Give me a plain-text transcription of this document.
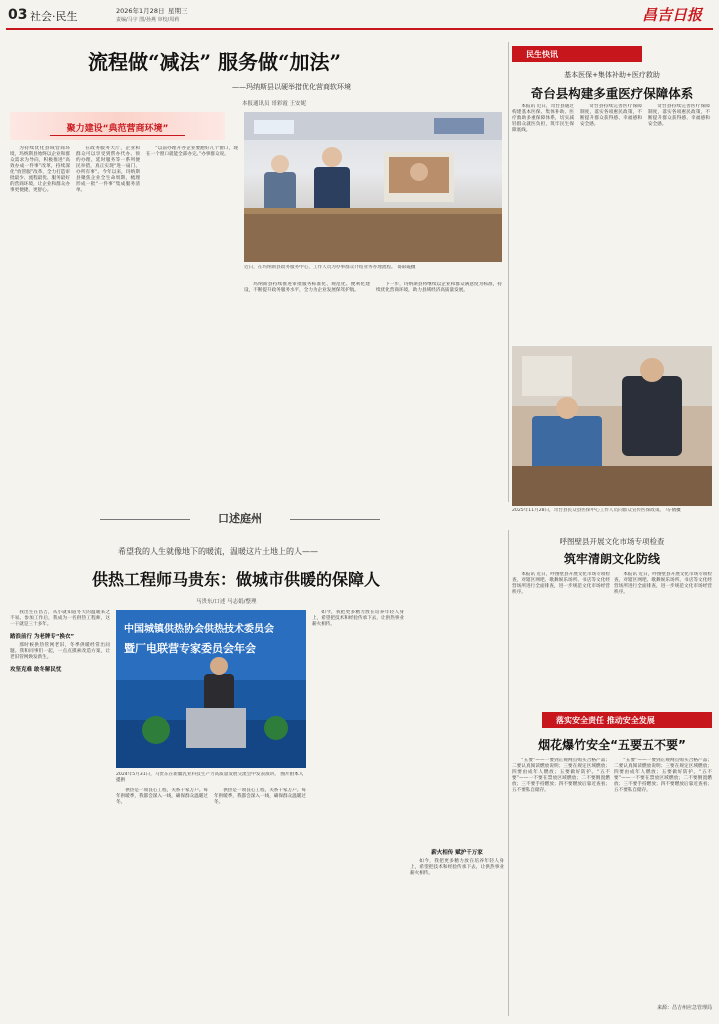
03 社会·民生	2026年1月28日 星期三
责编/马宇 图/孙燕 审校/周莉	昌吉日报
流程做“减法” 服务做“加法”
——玛纳斯县以硬举措优化营商软环境
本报通讯员 哥彩霞 王安妮
聚力建设“典范营商环境”

为持续优化县域营商环境，玛纳斯县始终以企业和群众需求为导向，积极推进“高效办成一件事”改革，持续深化“放管服”改革，全力打造审批最少、流程最优、服务最好的营商环境，让企业和群众办事更便捷、更舒心。

在政务服务大厅，企业和群众可以享受到帮办代办、预约办理、延时服务等一系列便民举措，真正实现“进一扇门、办所有事”。今年以来，玛纳斯县聚焦企业全生命周期，梳理形成一批“一件事”集成服务清单。

“以前办理开办企业要跑好几个窗口，现在一个窗口就能全部办完。”办事群众说。

近日，在玛纳斯县政务服务中心，工作人员为办事群众介绍业务办理流程。 哥彩霞摄

玛纳斯县持续推进审批服务标准化、规范化、便利化建设，不断提升政务服务水平，全力为企业发展保驾护航。

下一步，玛纳斯县将继续以企业和群众满意度为标准，持续优化营商环境，助力县域经济高质量发展。

民生快讯
基本医保+集体补助+医疗救助
奇台县构建多重医疗保障体系

本报讯 近日，奇台县通过构建基本医保、集体补助、医疗救助多重保障体系，切实减轻群众就医负担，筑牢民生保障底线。

奇台县持续完善医疗保障制度，落实各项惠民政策，不断提升群众获得感、幸福感和安全感。

奇台县持续完善医疗保障制度，落实各项惠民政策，不断提升群众获得感、幸福感和安全感。

2025年11月28日，奇台县民众县医保中心工作人员向群众宣传医保政策。 马·倩摄
呼图壁县开展文化市场专项检查
筑牢清朗文化防线

本报讯 近日，呼图壁县开展文化市场专项检查，对辖区网吧、歌舞娱乐场所、书店等文化经营场所进行全面排查，进一步规范文化市场经营秩序。

本报讯 近日，呼图壁县开展文化市场专项检查，对辖区网吧、歌舞娱乐场所、书店等文化经营场所进行全面排查，进一步规范文化市场经营秩序。

落实安全责任 推动安全发展
烟花爆竹安全“五要五不要”

“五要”——一要到正规网点购买合格产品；二要认真阅读燃放说明；三要在规定区域燃放；四要由成年人燃放；五要做好防护。“五不要”——一不要在禁放区域燃放；二不要倒置燃放；三不要手持燃放；四不要燃放后靠近查看；五不要私自储存。

“五要”——一要到正规网点购买合格产品；二要认真阅读燃放说明；三要在规定区域燃放；四要由成年人燃放；五要做好防护。“五不要”——一不要在禁放区域燃放；二不要倒置燃放；三不要手持燃放；四不要燃放后靠近查看；五不要私自储存。

来源：昌吉州应急管理局
口述庭州
希望我的人生就像地下的暖流，温暖这片土地上的人——
供热工程师马贵东：做城市供暖的保障人
马贵东/口述 马志娟/整理

我出生在昌吉，从小就知道冬天的温暖来之不易。参加工作后，我成为一名供热工程师，这一干就是三十多年。

踏浪前行 为老牌专“换衣”

那时候供热管网老旧，冬季供暖经常出问题。我和同事们一起，一点点摸索改造方案，让老旧管网焕发新生。

攻坚克难 敢冬解民忧
中国城镇供热协会供热技术委员会
暨厂电联营专家委员会年会
2024年5月31日，马贵东在新疆乳业科技生产力高质量发展交流会中发表演讲。 图片由本人提供

供热是一项良心工程，关系千家万户。每年供暖季，我都会深入一线，确保群众温暖过冬。

供热是一项良心工程，关系千家万户。每年供暖季，我都会深入一线，确保群众温暖过冬。

如今，我把更多精力放在培养年轻人身上，希望把技术和经验传承下去，让供热事业薪火相传。

薪火相传 赋护千万家

如今，我把更多精力放在培养年轻人身上，希望把技术和经验传承下去，让供热事业薪火相传。
